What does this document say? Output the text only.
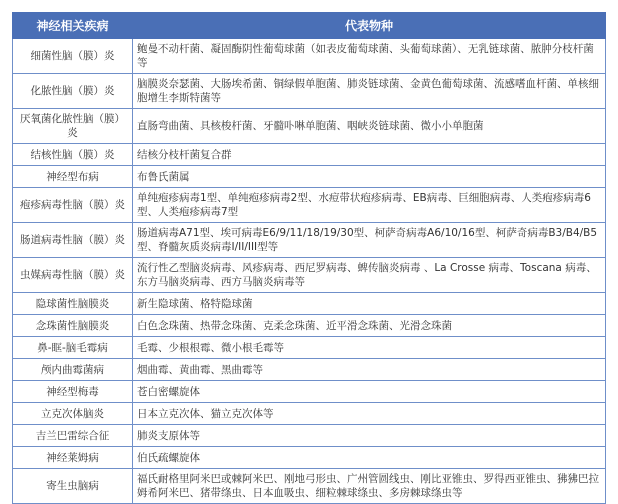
神经相关疾病	代表物种
细菌性脑（膜）炎	鲍曼不动杆菌、凝固酶阴性葡萄球菌（如表皮葡萄球菌、头葡萄球菌）、无乳链球菌、脓肿分枝杆菌等
化脓性脑（膜）炎	脑膜炎奈瑟菌、大肠埃希菌、铜绿假单胞菌、肺炎链球菌、金黄色葡萄球菌、流感嗜血杆菌、单核细胞增生李斯特菌等
厌氧菌化脓性脑（膜）炎	直肠弯曲菌、具核梭杆菌、牙髓卟啉单胞菌、咽峡炎链球菌、微小小单胞菌
结核性脑（膜）炎	结核分枝杆菌复合群
神经型布病	布鲁氏菌属
疱疹病毒性脑（膜）炎	单纯疱疹病毒1型、单纯疱疹病毒2型、水痘带状疱疹病毒、EB病毒、巨细胞病毒、人类疱疹病毒6型、人类疱疹病毒7型
肠道病毒性脑（膜）炎	肠道病毒A71型、埃可病毒E6/9/11/18/19/30型、柯萨奇病毒A6/10/16型、柯萨奇病毒B3/B4/B5型、脊髓灰质炎病毒I/II/III型等
虫媒病毒性脑（膜）炎	流行性乙型脑炎病毒、风疹病毒、西尼罗病毒、蜱传脑炎病毒 、La Crosse 病毒、Toscana 病毒、东方马脑炎病毒、西方马脑炎病毒等
隐球菌性脑膜炎	新生隐球菌、格特隐球菌
念珠菌性脑膜炎	白色念珠菌、热带念珠菌、克柔念珠菌、近平滑念珠菌、光滑念珠菌
鼻-眶-脑毛霉病	毛霉、少根根霉、微小根毛霉等
颅内曲霉菌病	烟曲霉、黄曲霉、黑曲霉等
神经型梅毒	苍白密螺旋体
立克次体脑炎	日本立克次体、猫立克次体等
吉兰巴雷综合征	肺炎支原体等
神经莱姆病	伯氏疏螺旋体
寄生虫脑病	福氏耐格里阿米巴或棘阿米巴、刚地弓形虫、广州管圆线虫、刚比亚锥虫、罗得西亚锥虫、狒狒巴拉姆希阿米巴、猪带绦虫、日本血吸虫、细粒棘球绦虫、多房棘球绦虫等
